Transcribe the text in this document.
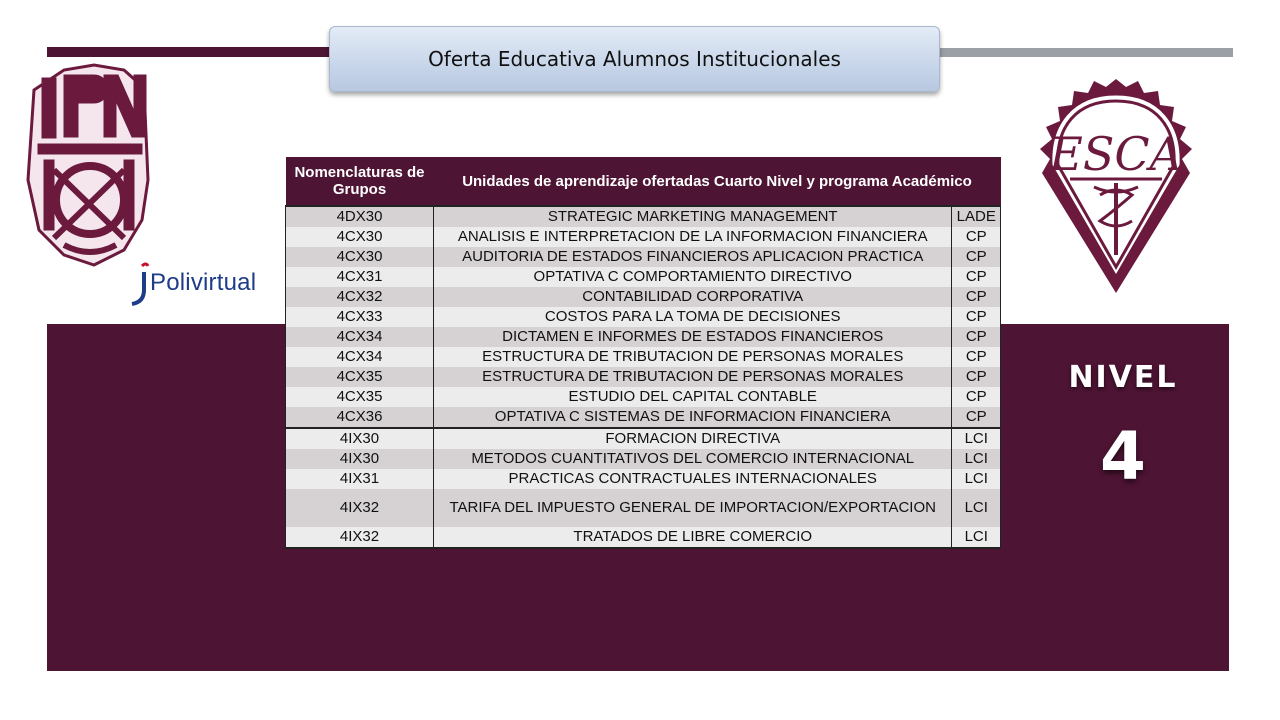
Oferta Educativa Alumnos Institucionales
Polivirtual
ESCA
NIVEL
4
Nomenclaturas de Grupos	Unidades de aprendizaje ofertadas Cuarto Nivel y programa Académico	
4DX30	STRATEGIC MARKETING MANAGEMENT	LADE
4CX30	ANALISIS E INTERPRETACION DE LA INFORMACION FINANCIERA	CP
4CX30	AUDITORIA DE ESTADOS FINANCIEROS APLICACION PRACTICA	CP
4CX31	OPTATIVA C COMPORTAMIENTO DIRECTIVO	CP
4CX32	CONTABILIDAD CORPORATIVA	CP
4CX33	COSTOS PARA LA TOMA DE DECISIONES	CP
4CX34	DICTAMEN E INFORMES DE ESTADOS FINANCIEROS	CP
4CX34	ESTRUCTURA DE TRIBUTACION DE PERSONAS MORALES	CP
4CX35	ESTRUCTURA DE TRIBUTACION DE PERSONAS MORALES	CP
4CX35	ESTUDIO DEL CAPITAL CONTABLE	CP
4CX36	OPTATIVA C SISTEMAS DE INFORMACION FINANCIERA	CP
4IX30	FORMACION DIRECTIVA	LCI
4IX30	METODOS CUANTITATIVOS DEL COMERCIO INTERNACIONAL	LCI
4IX31	PRACTICAS CONTRACTUALES INTERNACIONALES	LCI
4IX32	TARIFA DEL IMPUESTO GENERAL DE IMPORTACION/EXPORTACION	LCI
4IX32	TRATADOS DE LIBRE COMERCIO	LCI
